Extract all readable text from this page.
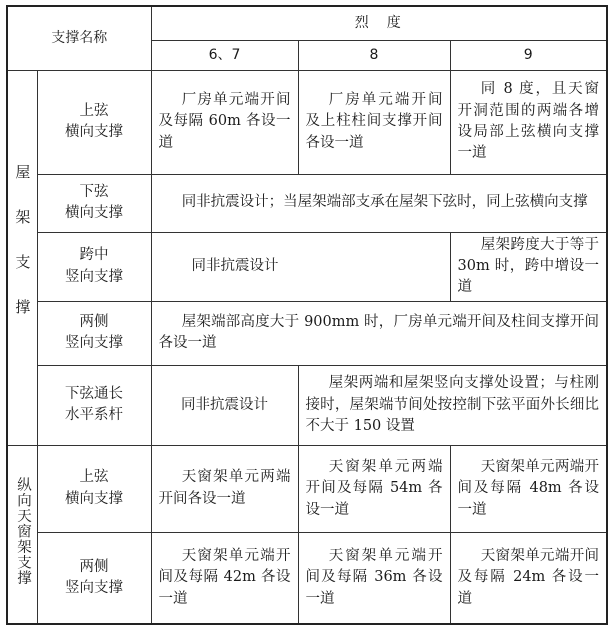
支撑名称		烈　度		
		6、7	8	9
屋架支撑	上弦
横向支撑	厂房单元端开间及每隔 60m 各设一道	厂房单元端开间及上柱柱间支撑开间各设一道	同 8 度，且天窗开洞范围的两端各增设局部上弦横向支撑一道

	下弦
横向支撑	同非抗震设计；当屋架端部支承在屋架下弦时，同上弦横向支撑		

	跨中
竖向支撑	同非抗震设计		屋架跨度大于等于 30m 时，跨中增设一道

	两侧
竖向支撑	屋架端部高度大于 900mm 时，厂房单元端开间及柱间支撑开间各设一道		

	下弦通长
水平系杆	同非抗震设计	屋架两端和屋架竖向支撑处设置；与柱刚接时，屋架端节间处按控制下弦平面外长细比不大于 150 设置	
纵向天窗架支撑	上弦
横向支撑	天窗架单元两端开间各设一道	天窗架单元两端开间及每隔 54m 各设一道	天窗架单元两端开间及每隔 48m 各设一道

	两侧
竖向支撑	天窗架单元端开间及每隔 42m 各设一道	天窗架单元端开间及每隔 36m 各设一道	天窗架单元端开间及每隔 24m 各设一道
